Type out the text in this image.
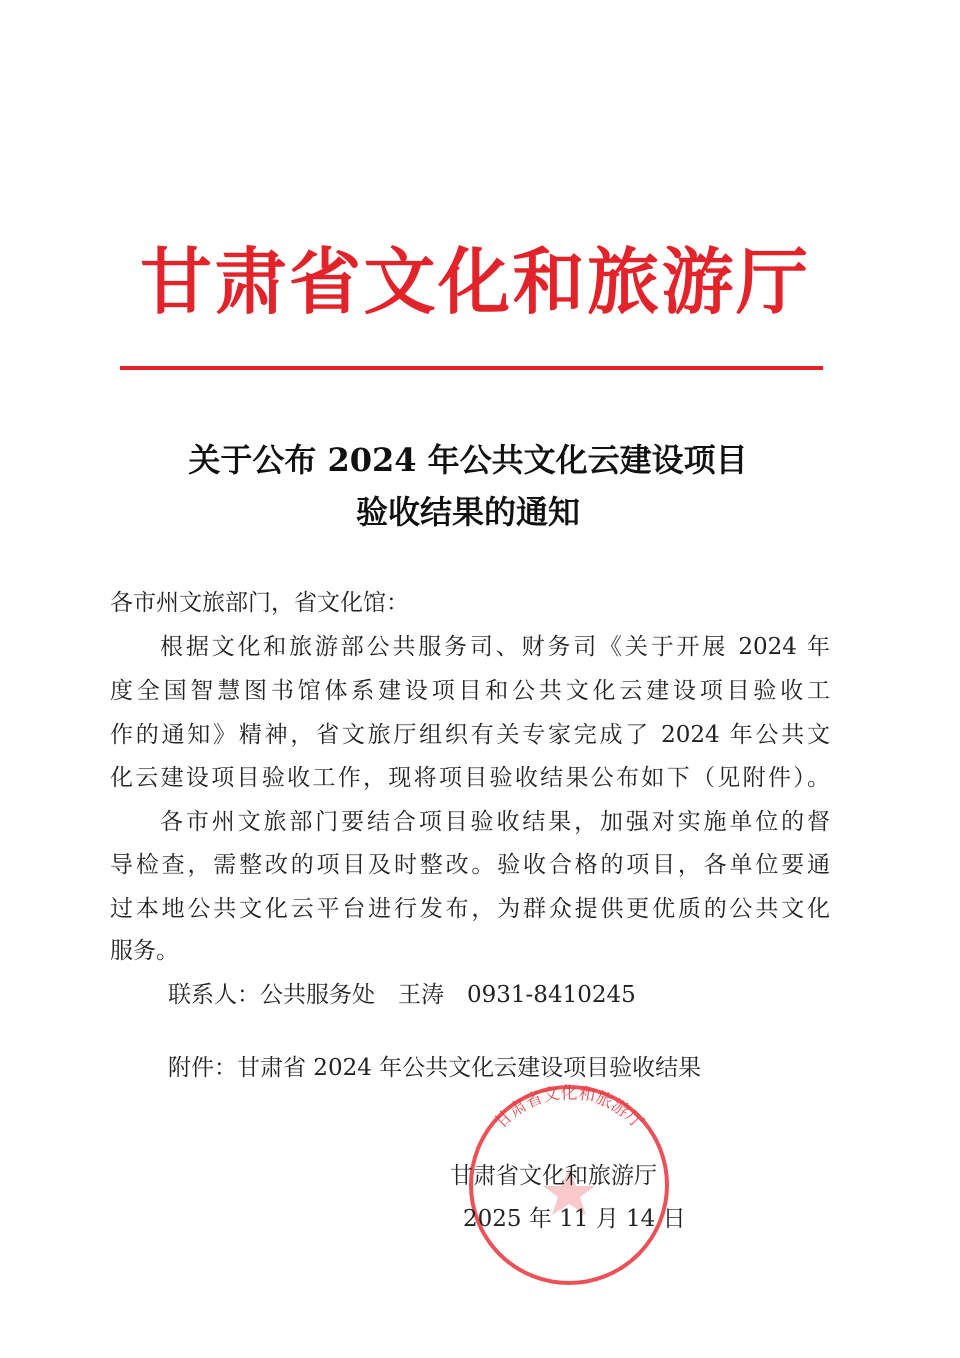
甘肃省文化和旅游厅
关于公布 2024 年公共文化云建设项目
验收结果的通知
各市州文旅部门，省文化馆：
根据文化和旅游部公共服务司、财务司《关于开展 2024 年
度全国智慧图书馆体系建设项目和公共文化云建设项目验收工
作的通知》精神，省文旅厅组织有关专家完成了 2024 年公共文
化云建设项目验收工作，现将项目验收结果公布如下（见附件）。
各市州文旅部门要结合项目验收结果，加强对实施单位的督
导检查，需整改的项目及时整改。验收合格的项目，各单位要通
过本地公共文化云平台进行发布，为群众提供更优质的公共文化
服务。
联系人：公共服务处　王涛　0931-8410245
附件：甘肃省 2024 年公共文化云建设项目验收结果
甘肃省文化和旅游厅
甘肃省文化和旅游厅
2025 年 11 月 14 日
